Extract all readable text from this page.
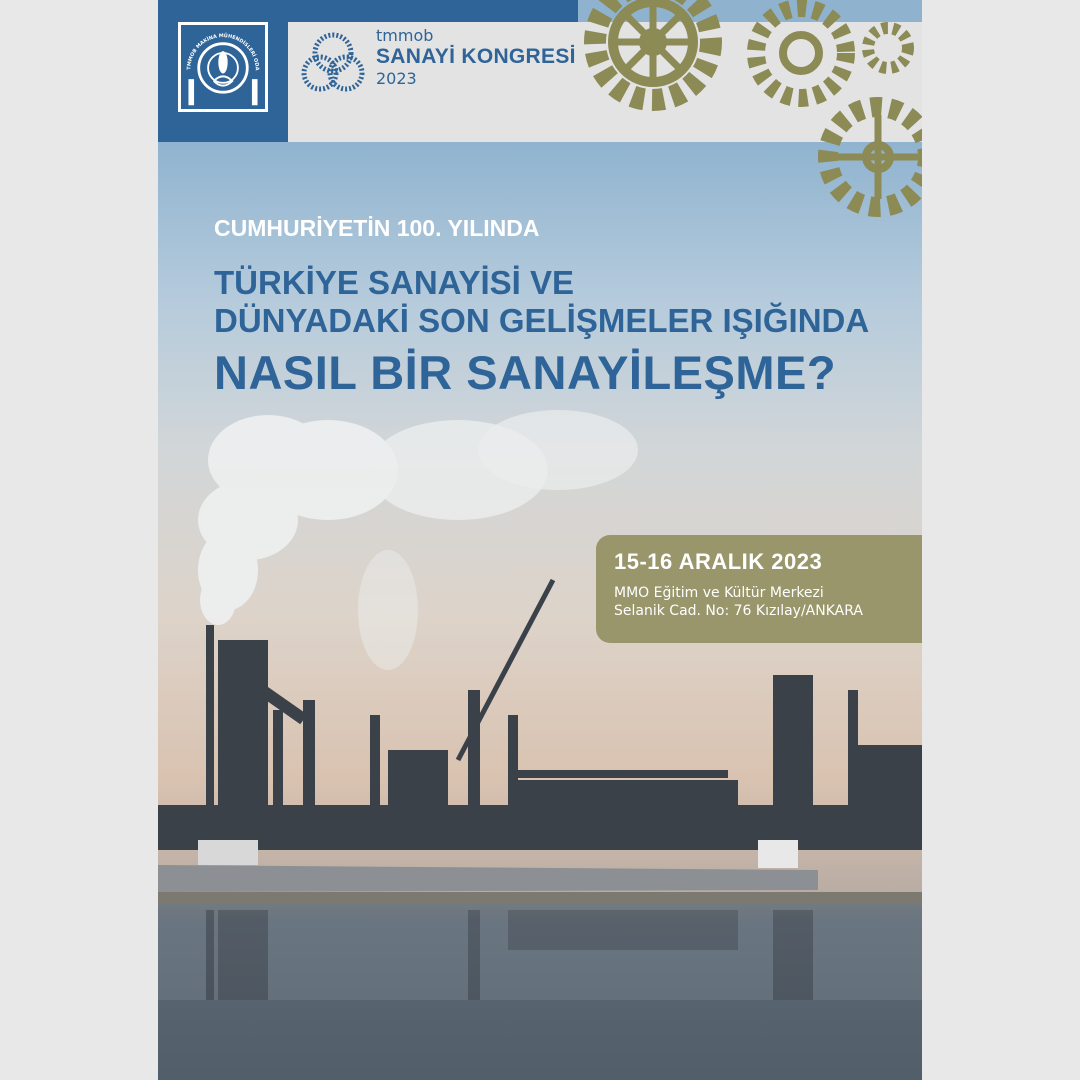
TMMOB MAKİNA MÜHENDİSLERİ ODASI
tmmob
SANAYİ KONGRESİ
2023
CUMHURİYETİN 100. YILINDA
TÜRKİYE SANAYİSİ VE
DÜNYADAKİ SON GELİŞMELER IŞIĞINDA
NASIL BİR SANAYİLEŞME?
15-16 ARALIK 2023
MMO Eğitim ve Kültür Merkezi
Selanik Cad. No: 76 Kızılay/ANKARA
